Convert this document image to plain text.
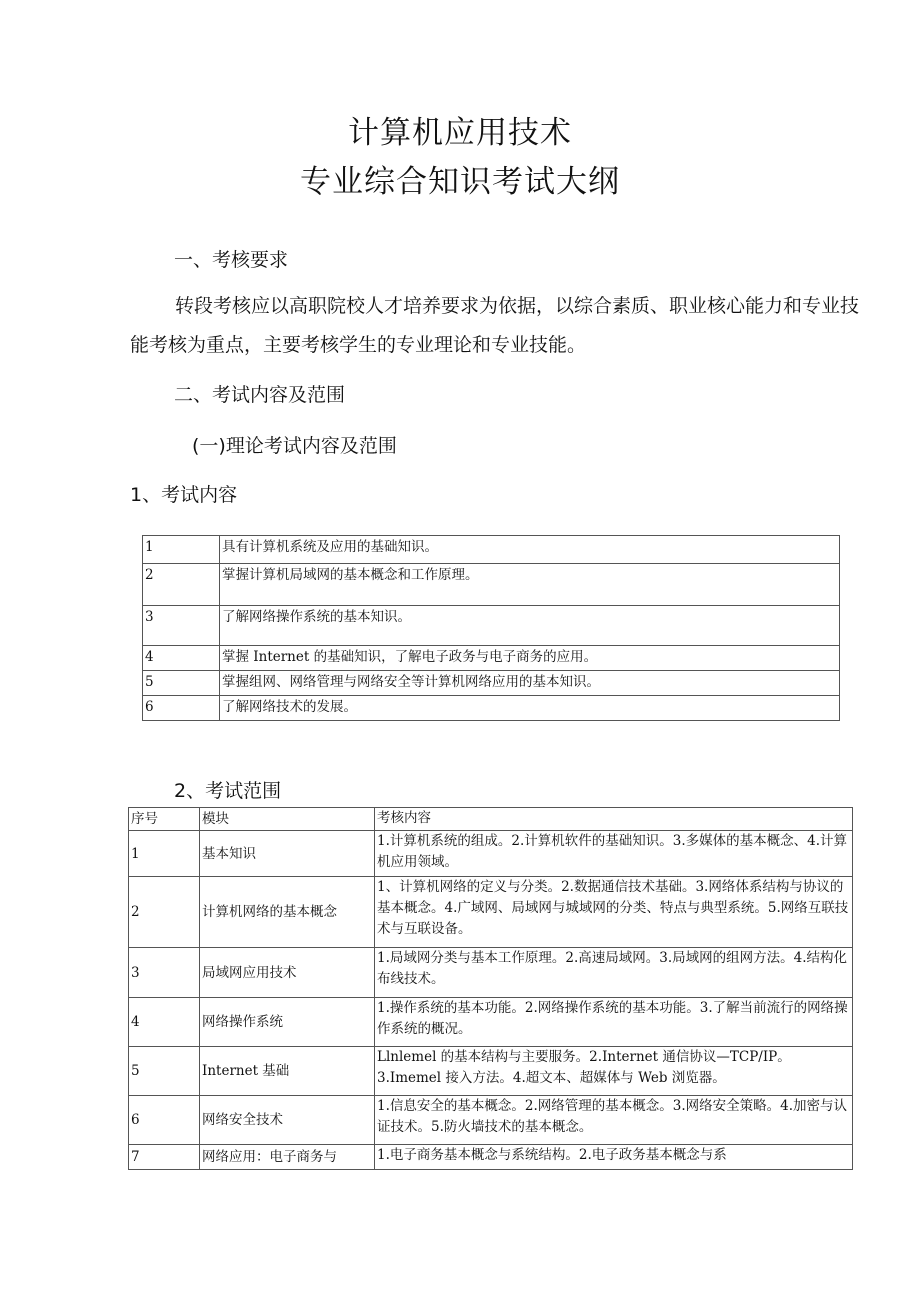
计算机应用技术
专业综合知识考试大纲
一、考核要求
转段考核应以高职院校人才培养要求为依据，以综合素质、职业核心能力和专业技能考核为重点，主要考核学生的专业理论和专业技能。
二、考试内容及范围
(一)理论考试内容及范围
1、考试内容
1	具有计算机系统及应用的基础知识。
2	掌握计算机局域网的基本概念和工作原理。
3	了解网络操作系统的基本知识。
4	掌握 Internet 的基础知识，了解电子政务与电子商务的应用。
5	掌握组网、网络管理与网络安全等计算机网络应用的基本知识。
6	了解网络技术的发展。
2、考试范围
序号	模块	考核内容
1	基本知识	1.计算机系统的组成。2.计算机软件的基础知识。3.多媒体的基本概念、4.计算机应用领域。
2	计算机网络的基本概念	1、计算机网络的定义与分类。2.数据通信技术基础。3.网络体系结构与协议的基本概念。4.广域网、局域网与城域网的分类、特点与典型系统。5.网络互联技术与互联设备。
3	局域网应用技术	1.局域网分类与基本工作原理。2.高速局域网。3.局域网的组网方法。4.结构化布线技术。
4	网络操作系统	1.操作系统的基本功能。2.网络操作系统的基本功能。3.了解当前流行的网络操作系统的概况。
5	Internet 基础	Llnlemel 的基本结构与主要服务。2.Internet 通信协议—TCP/IP。3.Imemel 接入方法。4.超文本、超媒体与 Web 浏览器。
6	网络安全技术	1.信息安全的基本概念。2.网络管理的基本概念。3.网络安全策略。4.加密与认证技术。5.防火墙技术的基本概念。
7	网络应用：电子商务与	1.电子商务基本概念与系统结构。2.电子政务基本概念与系
